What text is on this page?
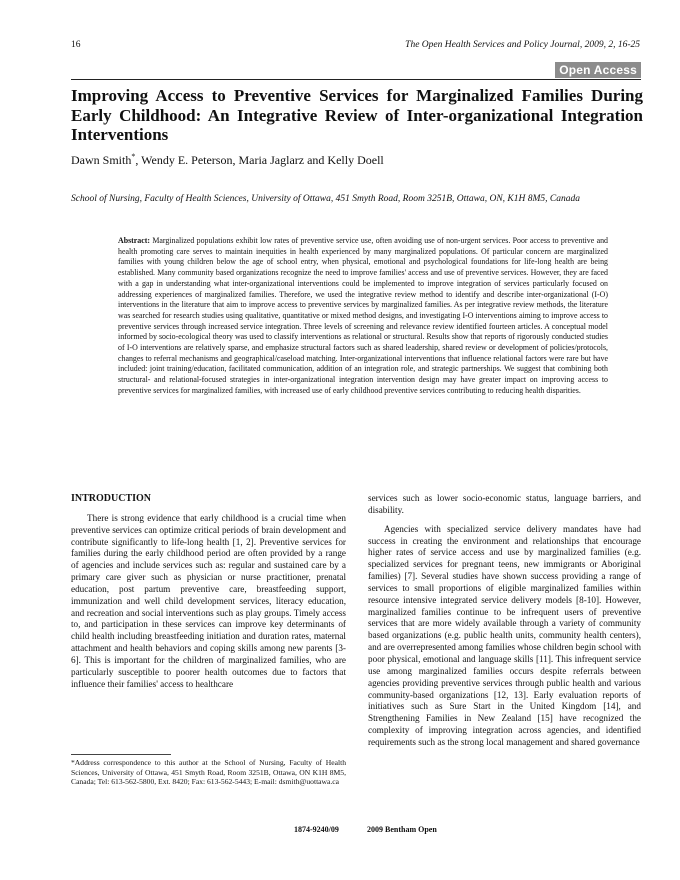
16	The Open Health Services and Policy Journal, 2009, 2, 16-25
Open Access
Improving Access to Preventive Services for Marginalized Families During Early Childhood: An Integrative Review of Inter-organizational Integration Interventions
Dawn Smith*, Wendy E. Peterson, Maria Jaglarz and Kelly Doell

School of Nursing, Faculty of Health Sciences, University of Ottawa, 451 Smyth Road, Room 3251B, Ottawa, ON, K1H 8M5, Canada

Abstract: Marginalized populations exhibit low rates of preventive service use, often avoiding use of non-urgent services. Poor access to preventive and health promoting care serves to maintain inequities in health experienced by many marginalized populations. Of particular concern are marginalized families with young children below the age of school entry, when physical, emotional and psychological foundations for life-long health are being established. Many community based organizations recognize the need to improve families' access and use of preventive services. However, they are faced with a gap in understanding what inter-organizational interventions could be implemented to improve integration of services particularly focused on addressing experiences of marginalized families. Therefore, we used the integrative review method to identify and describe inter-organizational (I-O) interventions in the literature that aim to improve access to preventive services by marginalized families. As per integrative review methods, the literature was searched for research studies using qualitative, quantitative or mixed method designs, and investigating I-O interventions aiming to improve access to preventive services through increased service integration. Three levels of screening and relevance review identified fourteen articles. A conceptual model informed by socio-ecological theory was used to classify interventions as relational or structural. Results show that reports of rigorously conducted studies of I-O interventions are relatively sparse, and emphasize structural factors such as shared leadership, shared review or development of policies/protocols, changes to referral mechanisms and geographical/caseload matching. Inter-organizational interventions that influence relational factors were rare but have included: joint training/education, facilitated communication, addition of an integration role, and strategic partnerships. We suggest that combining both structural- and relational-focused strategies in inter-organizational integration intervention design may have greater impact on improving access to preventive services for marginalized families, with increased use of early childhood preventive services contributing to reducing health disparities.

INTRODUCTION

There is strong evidence that early childhood is a crucial time when preventive services can optimize critical periods of brain development and contribute significantly to life-long health [1, 2]. Preventive services for families during the early childhood period are often provided by a range of agencies and include services such as: regular and sustained care by a primary care giver such as physician or nurse practitioner, prenatal education, post partum preventive care, breastfeeding support, immunization and well child development services, literacy education, and recreation and social interventions such as play groups. Timely access to, and participation in these services can improve key determinants of child health including breastfeeding initiation and duration rates, maternal attachment and health behaviors and coping skills among new parents [3-6]. This is important for the children of marginalized families, who are particularly susceptible to poorer health outcomes due to factors that influence their families' access to healthcare

services such as lower socio-economic status, language barriers, and disability.

Agencies with specialized service delivery mandates have had success in creating the environment and relationships that encourage higher rates of service access and use by marginalized families (e.g. specialized services for pregnant teens, new immigrants or Aboriginal families) [7]. Several studies have shown success providing a range of services to small proportions of eligible marginalized families within resource intensive integrated service delivery models [8-10]. However, marginalized families continue to be infrequent users of preventive services that are more widely available through a variety of community based organizations (e.g. public health units, community health centers), and are overrepresented among families whose children begin school with poor physical, emotional and language skills [11]. This infrequent service use among marginalized families occurs despite referrals between agencies providing preventive services through public health and various community-based organizations [12, 13]. Early evaluation reports of initiatives such as Sure Start in the United Kingdom [14], and Strengthening Families in New Zealand [15] have recognized the complexity of improving integration across agencies, and identified requirements such as the strong local management and shared governance

*Address correspondence to this author at the School of Nursing, Faculty of Health Sciences, University of Ottawa, 451 Smyth Road, Room 3251B, Ottawa, ON K1H 8M5, Canada; Tel: 613-562-5800, Ext. 8420; Fax: 613-562-5443; E-mail: dsmith@uottawa.ca

1874-9240/09	2009 Bentham Open
